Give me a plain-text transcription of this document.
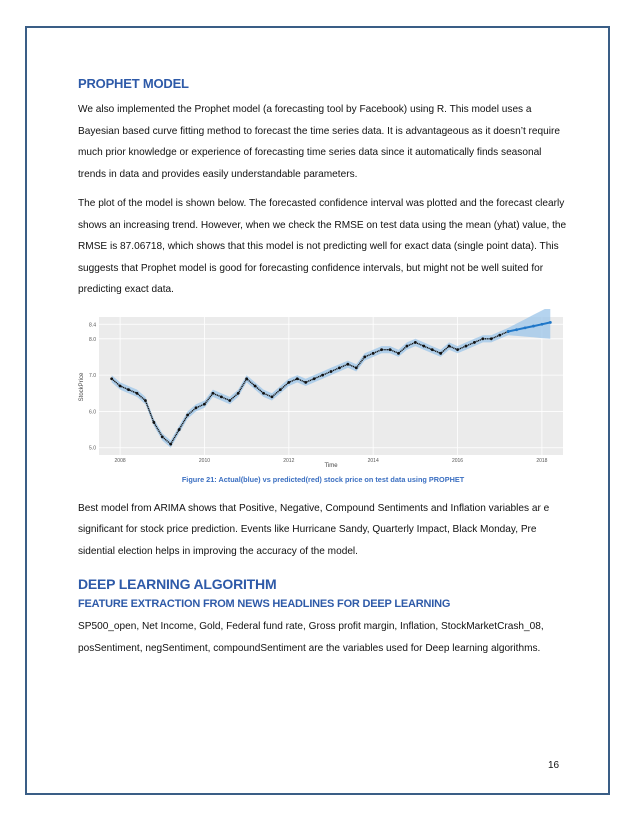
PROPHET MODEL

We also implemented the Prophet model (a forecasting tool by Facebook) using R. This model uses a Bayesian based curve fitting method to forecast the time series data. It is advantageous as it doesn’t require much prior knowledge or experience of forecasting time series data since it automatically finds seasonal trends in data and provides easily understandable parameters.

The plot of the model is shown below. The forecasted confidence interval was plotted and the forecast clearly shows an increasing trend. However, when we check the RMSE on test data using the mean (yhat) value, the RMSE is 87.06718, which shows that this model is not predicting well for exact data (single point data). This suggests that Prophet model is good for forecasting confidence intervals, but might not be well suited for predicting exact data.

2008	2010	2012	2014	2016	2018
5.0
6.0
7.0
8.0
8.4
StockPrice
Time
Figure 21: Actual(blue) vs predicted(red) stock price on test data using PROPHET

Best model from ARIMA shows that Positive, Negative, Compound Sentiments and Inflation variables ar e significant for stock price prediction. Events like Hurricane Sandy, Quarterly Impact, Black Monday, Pre sidential election helps in improving the accuracy of the model.

DEEP LEARNING ALGORITHM
FEATURE EXTRACTION FROM NEWS HEADLINES FOR DEEP LEARNING

SP500_open, Net Income, Gold, Federal fund rate, Gross profit margin, Inflation, StockMarketCrash_08, posSentiment, negSentiment, compoundSentiment are the variables used for Deep learning algorithms.

16
